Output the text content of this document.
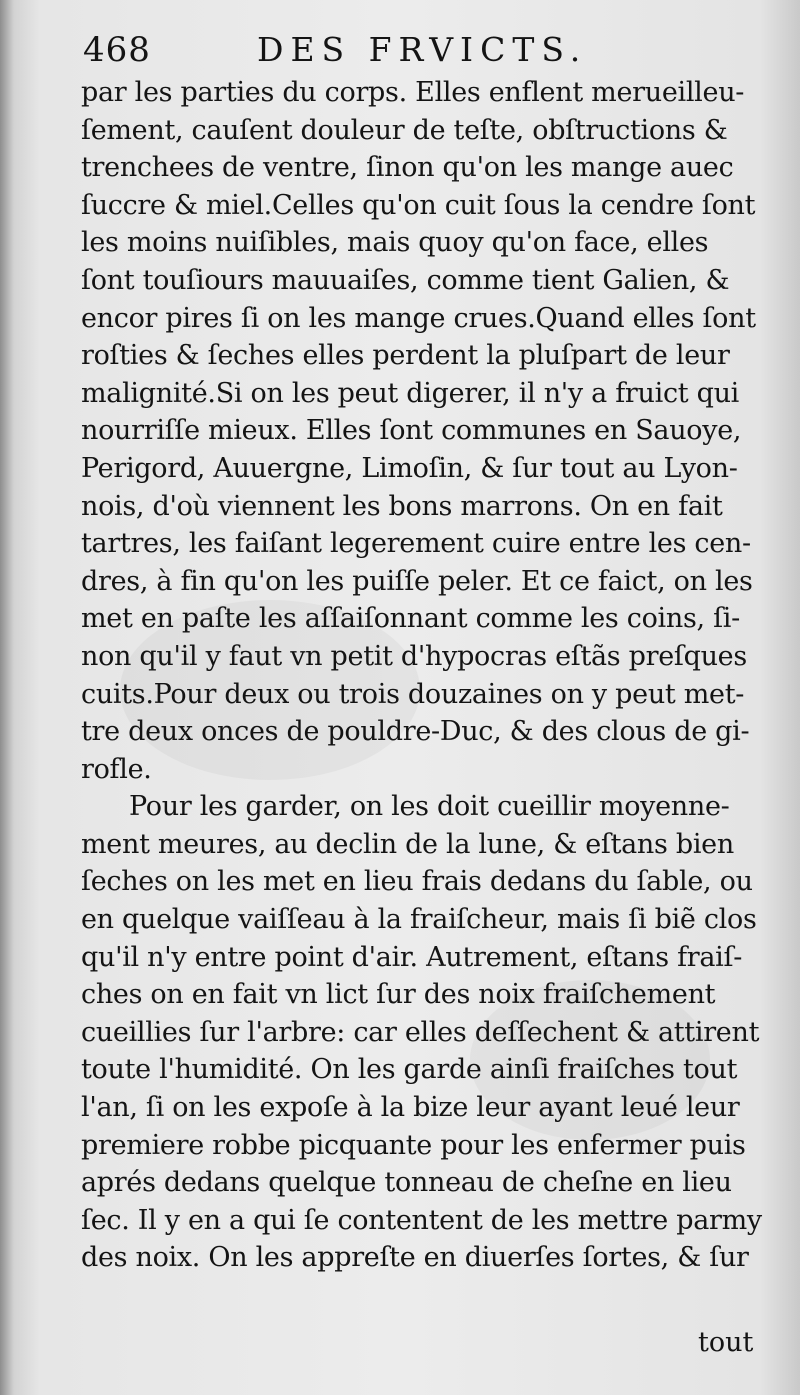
468	DES FRVICTS.
par les parties du corps. Elles enflent merueilleu-
ſement, cauſent douleur de teſte, obſtructions &
trenchees de ventre, ſinon qu'on les mange auec
ſuccre & miel.Celles qu'on cuit ſous la cendre ſont
les moins nuiſibles, mais quoy qu'on face, elles
ſont touſiours mauuaiſes, comme tient Galien, &
encor pires ſi on les mange crues.Quand elles ſont
roſties & ſeches elles perdent la pluſpart de leur
malignité.Si on les peut digerer, il n'y a fruict qui
nourriſſe mieux. Elles ſont communes en Sauoye,
Perigord, Auuergne, Limoſin, & ſur tout au Lyon-
nois, d'où viennent les bons marrons. On en fait
tartres, les faiſant legerement cuire entre les cen-
dres, à fin qu'on les puiſſe peler. Et ce faict, on les
met en paſte les aſſaiſonnant comme les coins, ſi-
non qu'il y faut vn petit d'hypocras eſtãs preſques
cuits.Pour deux ou trois douzaines on y peut met-
tre deux onces de pouldre-Duc, & des clous de gi-
rofle.
Pour les garder, on les doit cueillir moyenne-
ment meures, au declin de la lune, & eſtans bien
ſeches on les met en lieu frais dedans du ſable, ou
en quelque vaiſſeau à la fraiſcheur, mais ſi biẽ clos
qu'il n'y entre point d'air. Autrement, eſtans fraiſ-
ches on en fait vn lict ſur des noix fraiſchement
cueillies ſur l'arbre: car elles deſſechent & attirent
toute l'humidité. On les garde ainſi fraiſches tout
l'an, ſi on les expoſe à la bize leur ayant leué leur
premiere robbe picquante pour les enfermer puis
aprés dedans quelque tonneau de cheſne en lieu
ſec. Il y en a qui ſe contentent de les mettre parmy
des noix. On les appreſte en diuerſes ſortes, & ſur
tout
